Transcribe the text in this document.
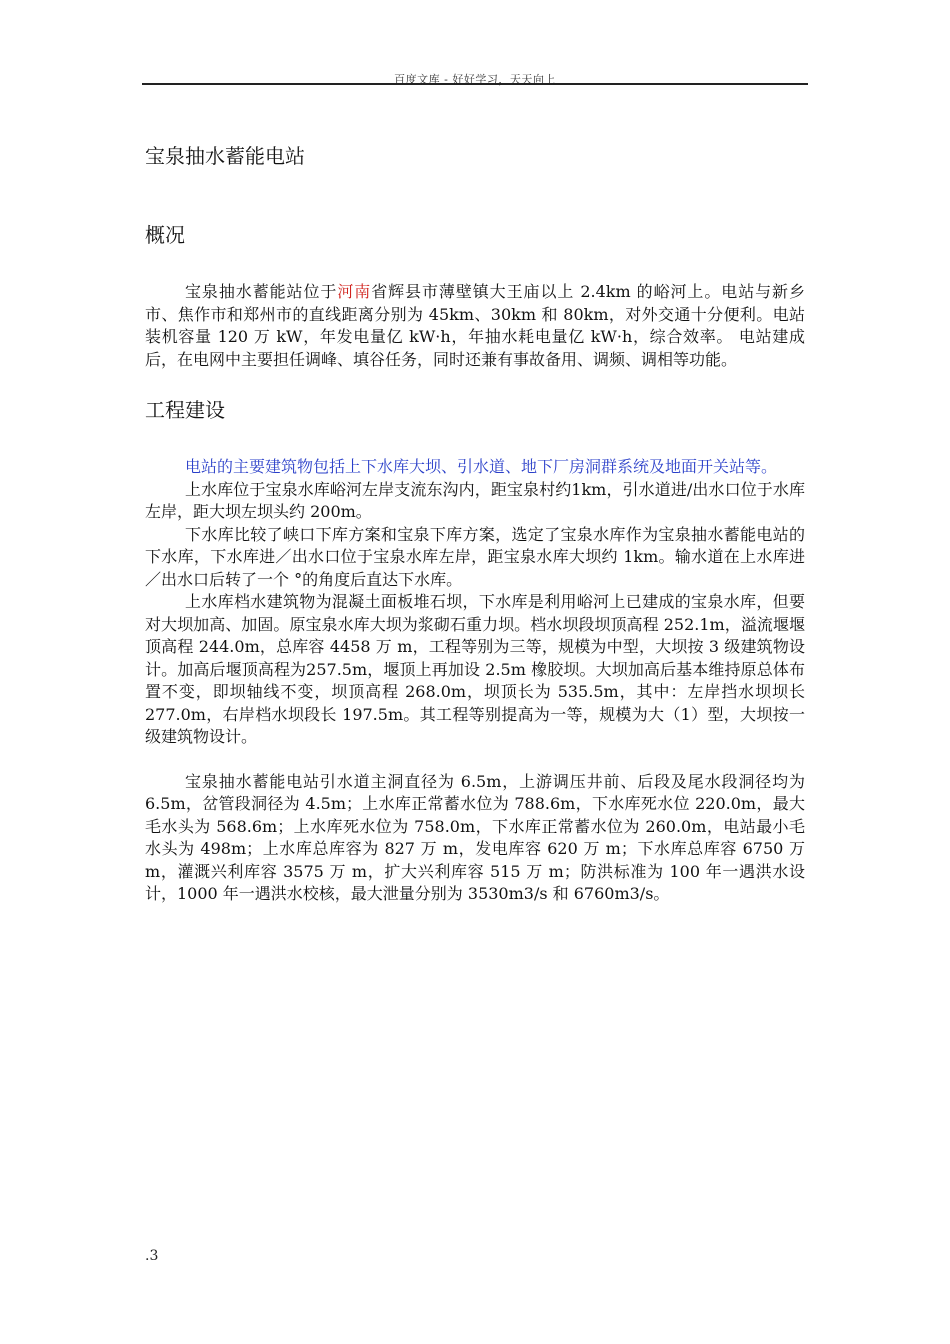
百度文库 - 好好学习，天天向上
宝泉抽水蓄能电站
概况

宝泉抽水蓄能站位于河南省辉县市薄壁镇大王庙以上 2.4km 的峪河上。电站与新乡市、焦作市和郑州市的直线距离分别为 45km、30km 和 80km，对外交通十分便利。电站装机容量 120 万 kW，年发电量亿 kW·h，年抽水耗电量亿 kW·h，综合效率。 电站建成后，在电网中主要担任调峰、填谷任务，同时还兼有事故备用、调频、调相等功能。

工程建设

电站的主要建筑物包括上下水库大坝、引水道、地下厂房洞群系统及地面开关站等。

上水库位于宝泉水库峪河左岸支流东沟内，距宝泉村约1km，引水道进/出水口位于水库左岸，距大坝左坝头约 200m。

下水库比较了峡口下库方案和宝泉下库方案，选定了宝泉水库作为宝泉抽水蓄能电站的下水库，下水库进／出水口位于宝泉水库左岸，距宝泉水库大坝约 1km。输水道在上水库进／出水口后转了一个 °的角度后直达下水库。

上水库档水建筑物为混凝土面板堆石坝，下水库是利用峪河上已建成的宝泉水库，但要对大坝加高、加固。原宝泉水库大坝为浆砌石重力坝。档水坝段坝顶高程 252.1m，溢流堰堰顶高程 244.0m，总库容 4458 万 m，工程等别为三等，规模为中型，大坝按 3 级建筑物设计。加高后堰顶高程为257.5m，堰顶上再加设 2.5m 橡胶坝。大坝加高后基本维持原总体布置不变，即坝轴线不变，坝顶高程 268.0m，坝顶长为 535.5m，其中：左岸挡水坝坝长 277.0m，右岸档水坝段长 197.5m。其工程等别提高为一等，规模为大（1）型，大坝按一级建筑物设计。

宝泉抽水蓄能电站引水道主洞直径为 6.5m，上游调压井前、后段及尾水段洞径均为 6.5m，岔管段洞径为 4.5m；上水库正常蓄水位为 788.6m，下水库死水位 220.0m，最大毛水头为 568.6m；上水库死水位为 758.0m，下水库正常蓄水位为 260.0m，电站最小毛水头为 498m；上水库总库容为 827 万 m，发电库容 620 万 m；下水库总库容 6750 万 m，灌溉兴利库容 3575 万 m，扩大兴利库容 515 万 m；防洪标准为 100 年一遇洪水设计，1000 年一遇洪水校核，最大泄量分别为 3530m3/s 和 6760m3/s。

.3
